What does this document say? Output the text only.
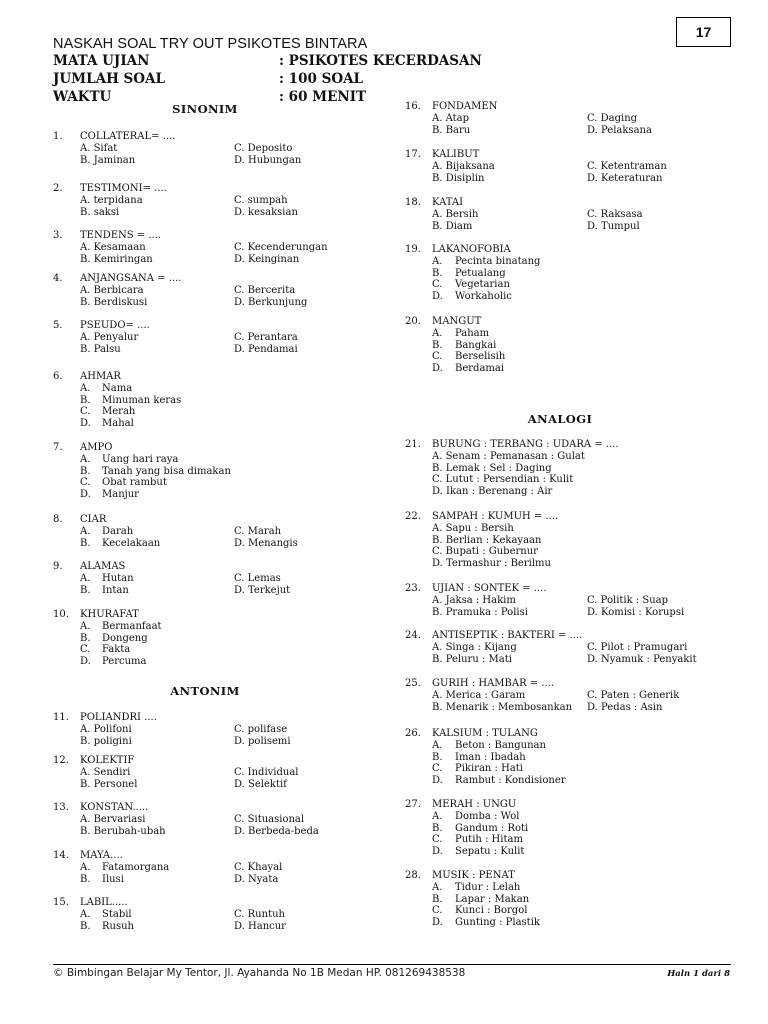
17
NASKAH SOAL TRY OUT PSIKOTES BINTARA
MATA UJIAN	: PSIKOTES KECERDASAN
JUMLAH SOAL	: 100 SOAL
WAKTU	: 60 MENIT
SINONIM
ANTONIM
ANALOGI
1. COLLATERAL= ....
A. Sifat	C. Deposito
B. Jaminan	D. Hubungan
2. TESTIMONI= ....
A. terpidana	C. sumpah
B. saksi	D. kesaksian
3. TENDENS = ....
A. Kesamaan	C. Kecenderungan
B. Kemiringan	D. Keinginan
4. ANJANGSANA = ....
A. Berbicara	C. Bercerita
B. Berdiskusi	D. Berkunjung
5. PSEUDO= ....
A. Penyalur	C. Perantara
B. Palsu	D. Pendamai
6. AHMAR
A. Nama
B. Minuman keras
C. Merah
D. Mahal
7. AMPO
A. Uang hari raya
B. Tanah yang bisa dimakan
C. Obat rambut
D. Manjur
8. CIAR
A. Darah	C. Marah
B. Kecelakaan	D. Menangis
9. ALAMAS
A. Hutan	C. Lemas
B. Intan	D. Terkejut
10. KHURAFAT
A. Bermanfaat
B. Dongeng
C. Fakta
D. Percuma
11. POLIANDRI ....
A. Polifoni	C. polifase
B. poligini	D. polisemi
12. KOLEKTIF
A. Sendiri	C. Individual
B. Personel	D. Selektif
13. KONSTAN.....
A. Bervariasi	C. Situasional
B. Berubah-ubah	D. Berbeda-beda
14. MAYA....
A. Fatamorgana	C. Khayal
B. Ilusi	D. Nyata
15. LABIL.....
A. Stabil	C. Runtuh
B. Rusuh	D. Hancur
16. FONDAMEN
A. Atap	C. Daging
B. Baru	D. Pelaksana
17. KALIBUT
A. Bijaksana	C. Ketentraman
B. Disiplin	D. Keteraturan
18. KATAI
A. Bersih	C. Raksasa
B. Diam	D. Tumpul
19. LAKANOFOBIA
A. Pecinta binatang
B. Petualang
C. Vegetarian
D. Workaholic
20. MANGUT
A. Paham
B. Bangkai
C. Berselisih
D. Berdamai
21. BURUNG : TERBANG : UDARA = ....
A. Senam : Pemanasan : Gulat
B. Lemak : Sel : Daging
C. Lutut : Persendian : Kulit
D. Ikan : Berenang : Air
22. SAMPAH : KUMUH = ....
A. Sapu : Bersih
B. Berlian : Kekayaan
C. Bupati : Gubernur
D. Termashur : Berilmu
23. UJIAN : SONTEK = ....
A. Jaksa : Hakim	C. Politik : Suap
B. Pramuka : Polisi	D. Komisi : Korupsi
24. ANTISEPTIK : BAKTERI = ....
A. Singa : Kijang	C. Pilot : Pramugari
B. Peluru : Mati	D. Nyamuk : Penyakit
25. GURIH : HAMBAR = ....
A. Merica : Garam	C. Paten : Generik
B. Menarik : Membosankan D. Pedas : Asin
26. KALSIUM : TULANG
A. Beton : Bangunan
B. Iman : Ibadah
C. Pikiran : Hati
D. Rambut : Kondisioner
27. MERAH : UNGU
A. Domba : Wol
B. Gandum : Roti
C. Putih : Hitam
D. Sepatu : Kulit
28. MUSIK : PENAT
A. Tidur : Lelah
B. Lapar : Makan
C. Kunci : Borgol
D. Gunting : Plastik
© Bimbingan Belajar My Tentor, Jl. Ayahanda No 1B Medan HP. 081269438538	Haln 1 dari 8
